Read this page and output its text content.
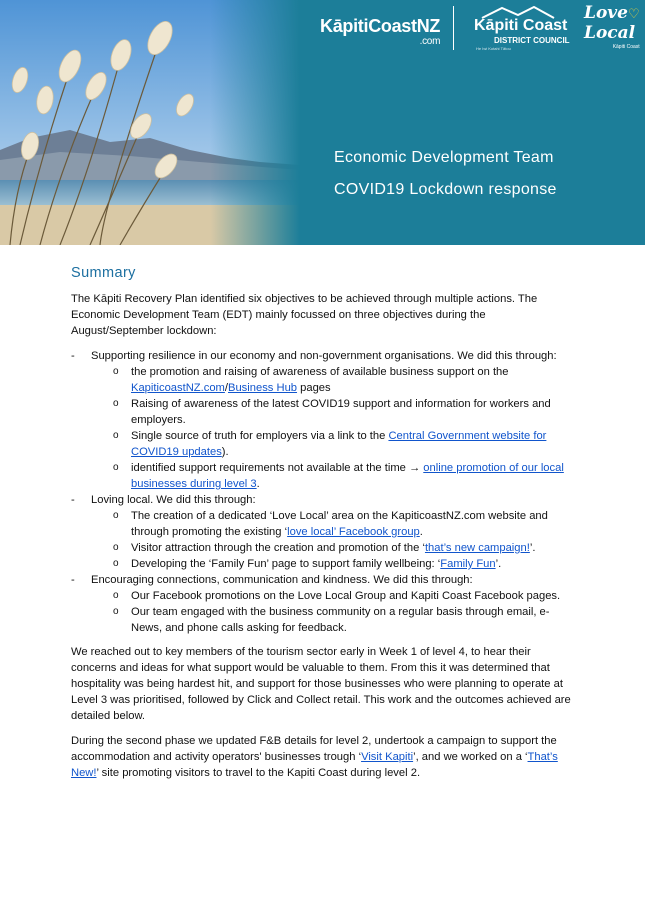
KāpitiCoastNZ
.com
Kāpiti Coast
DISTRICT COUNCIL
He Iwi Kotahi Tātou
Love♡
Local
Kāpiti Coast
Economic Development Team
COVID19 Lockdown response
Summary

The Kāpiti Recovery Plan identified six objectives to be achieved through multiple actions. The Economic Development Team (EDT) mainly focussed on three objectives during the August/September lockdown:

- Supporting resilience in our economy and non-government organisations. We did this through:
o the promotion and raising of awareness of available business support on the KapiticoastNZ.com/Business Hub pages
o Raising of awareness of the latest COVID19 support and information for workers and employers.
o Single source of truth for employers via a link to the Central Government website for COVID19 updates).
o identified support requirements not available at the time → online promotion of our local businesses during level 3.
- Loving local. We did this through:
o The creation of a dedicated ‘Love Local’ area on the KapiticoastNZ.com website and through promoting the existing ‘love local’ Facebook group.
o Visitor attraction through the creation and promotion of the ‘that’s new campaign!’.
o Developing the ‘Family Fun’ page to support family wellbeing: ‘Family Fun’.
- Encouraging connections, communication and kindness. We did this through:
o Our Facebook promotions on the Love Local Group and Kapiti Coast Facebook pages.
o Our team engaged with the business community on a regular basis through email, e-News, and phone calls asking for feedback.

We reached out to key members of the tourism sector early in Week 1 of level 4, to hear their concerns and ideas for what support would be valuable to them. From this it was determined that hospitality was being hardest hit, and support for those businesses who were planning to operate at Level 3 was prioritised, followed by Click and Collect retail. This work and the outcomes achieved are detailed below.

During the second phase we updated F&B details for level 2, undertook a campaign to support the accommodation and activity operators' businesses trough ‘Visit Kapiti’, and we worked on a ‘That’s New!’ site promoting visitors to travel to the Kapiti Coast during level 2.
